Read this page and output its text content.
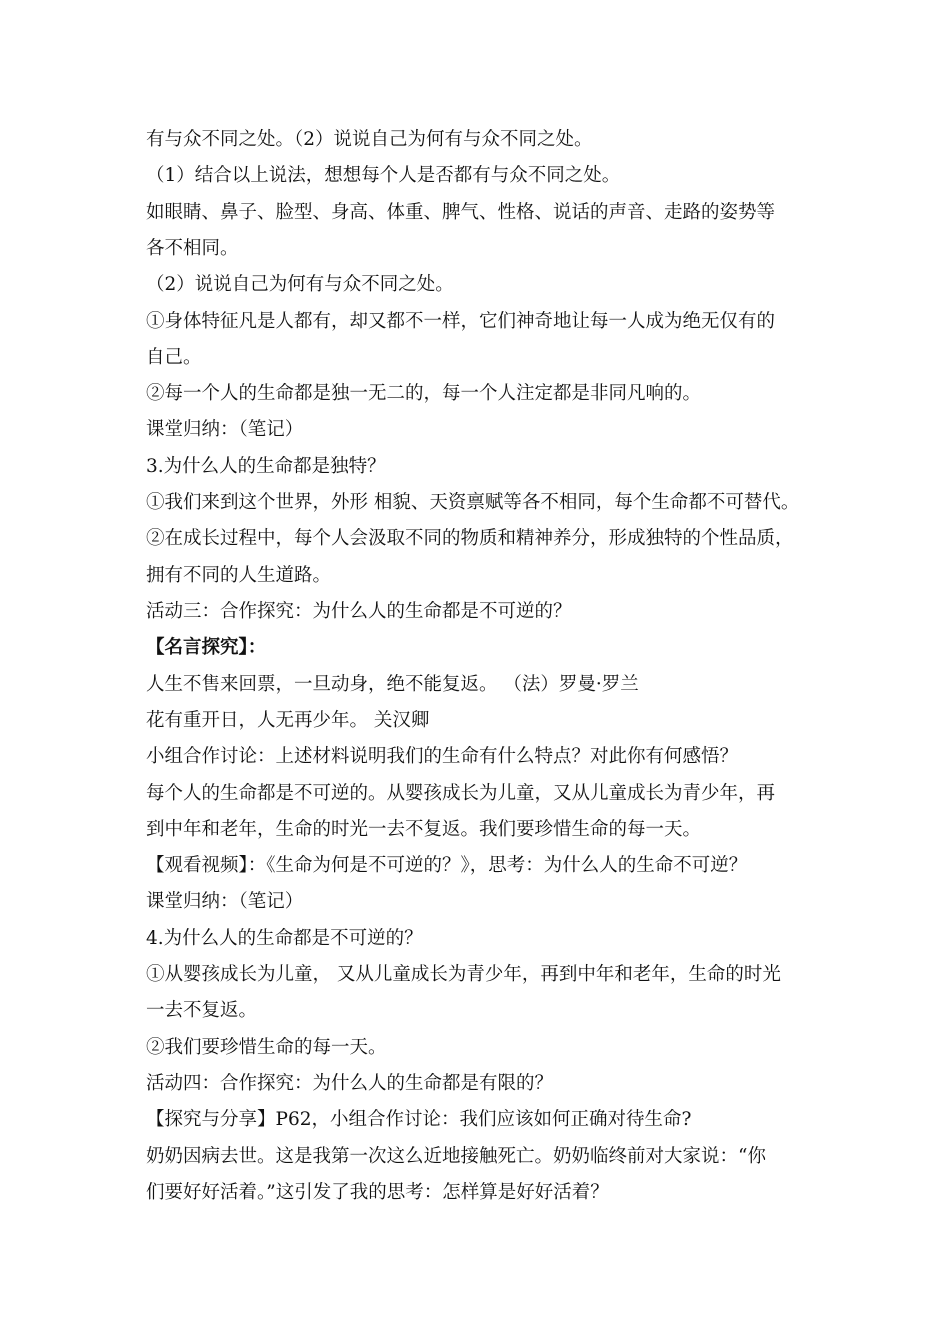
有与众不同之处。（2）说说自己为何有与众不同之处。
（1）结合以上说法，想想每个人是否都有与众不同之处。
如眼睛、鼻子、脸型、身高、体重、脾气、性格、说话的声音、走路的姿势等
各不相同。
（2）说说自己为何有与众不同之处。
①身体特征凡是人都有，却又都不一样，它们神奇地让每一人成为绝无仅有的
自己。
②每一个人的生命都是独一无二的，每一个人注定都是非同凡响的。
课堂归纳：（笔记）
3.为什么人的生命都是独特？
①我们来到这个世界，外形 相貌、天资禀赋等各不相同，每个生命都不可替代。
②在成长过程中，每个人会汲取不同的物质和精神养分，形成独特的个性品质，
拥有不同的人生道路。
活动三：合作探究：为什么人的生命都是不可逆的？
【名言探究】：
人生不售来回票，一旦动身，绝不能复返。 （法）罗曼·罗兰
花有重开日，人无再少年。 关汉卿
小组合作讨论：上述材料说明我们的生命有什么特点？对此你有何感悟？
每个人的生命都是不可逆的。从婴孩成长为儿童，又从儿童成长为青少年，再
到中年和老年，生命的时光一去不复返。我们要珍惜生命的每一天。
【观看视频】：《生命为何是不可逆的？》，思考：为什么人的生命不可逆？
课堂归纳：（笔记）
4.为什么人的生命都是不可逆的？
①从婴孩成长为儿童， 又从儿童成长为青少年，再到中年和老年，生命的时光
一去不复返。
②我们要珍惜生命的每一天。
活动四：合作探究：为什么人的生命都是有限的？
【探究与分享】P62，小组合作讨论：我们应该如何正确对待生命?
奶奶因病去世。这是我第一次这么近地接触死亡。奶奶临终前对大家说：“你
们要好好活着。”这引发了我的思考：怎样算是好好活着？
